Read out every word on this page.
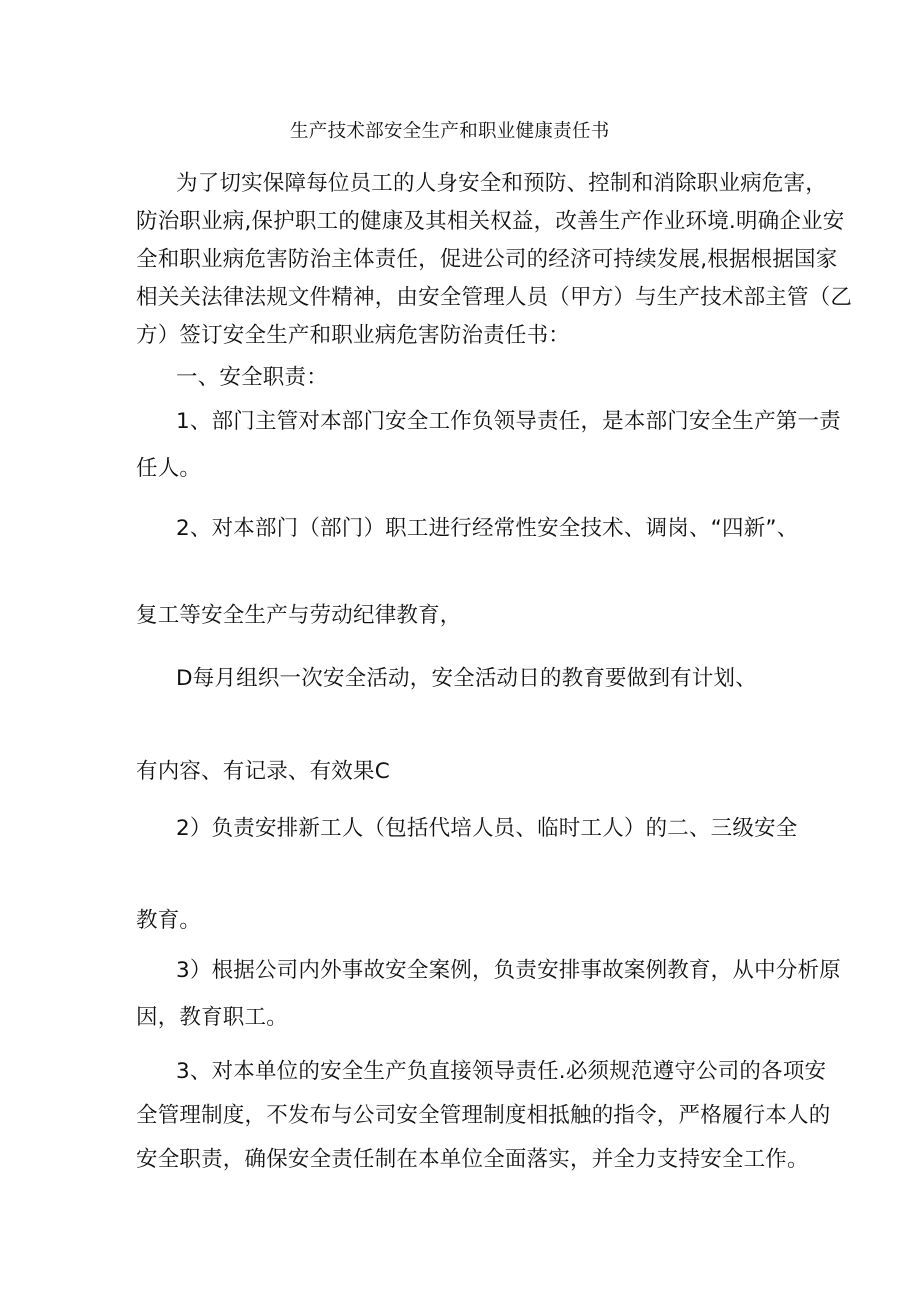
生产技术部安全生产和职业健康责任书

为了切实保障每位员工的人身安全和预防、控制和消除职业病危害，

防治职业病,保护职工的健康及其相关权益，改善生产作业环境.明确企业安

全和职业病危害防治主体责任，促进公司的经济可持续发展,根据根据国家

相关关法律法规文件精神，由安全管理人员（甲方）与生产技术部主管（乙

方）签订安全生产和职业病危害防治责任书：

一、安全职责：

1、部门主管对本部门安全工作负领导责任，是本部门安全生产第一责

任人。

2、对本部门（部门）职工进行经常性安全技术、调岗、“四新”、

复工等安全生产与劳动纪律教育，

D每月组织一次安全活动，安全活动日的教育要做到有计划、

有内容、有记录、有效果C

2）负责安排新工人（包括代培人员、临时工人）的二、三级安全

教育。

3）根据公司内外事故安全案例，负责安排事故案例教育，从中分析原

因，教育职工。

3、对本单位的安全生产负直接领导责任.必须规范遵守公司的各项安

全管理制度，不发布与公司安全管理制度相抵触的指令，严格履行本人的

安全职责，确保安全责任制在本单位全面落实，并全力支持安全工作。
